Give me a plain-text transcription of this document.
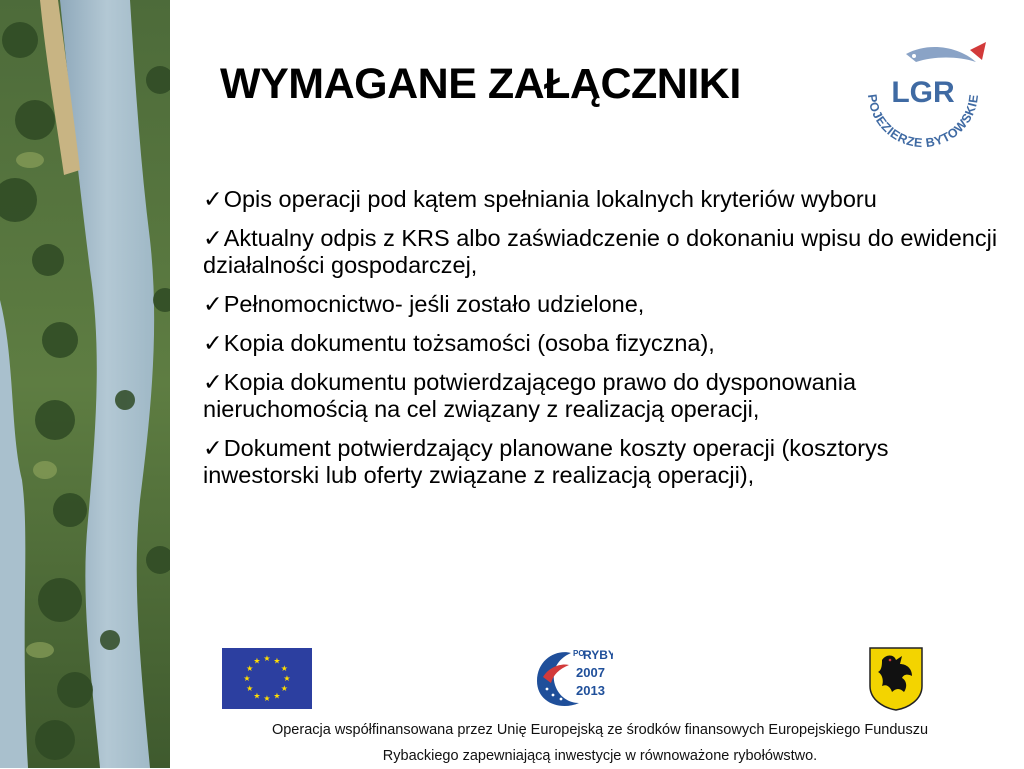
WYMAGANE ZAŁĄCZNIKI	LGR
POJEZIERZE BYTOWSKIE
✓Opis operacji pod kątem spełniania lokalnych kryteriów wyboru
✓Aktualny odpis z KRS albo zaświadczenie o dokonaniu wpisu do ewidencji działalności gospodarczej,
✓Pełnomocnictwo- jeśli zostało udzielone,
✓Kopia dokumentu tożsamości (osoba fizyczna),
✓Kopia dokumentu potwierdzającego prawo do dysponowania nieruchomością na cel związany z realizacją operacji,
✓Dokument potwierdzający planowane koszty operacji (kosztorys inwestorski lub oferty związane z realizacją operacji),
★ ★
★
★
★
★
★
★
★
★
★
★
PO
RYBY
2007
2013
Operacja współfinansowana przez Unię Europejską ze środków finansowych Europejskiego Funduszu
Rybackiego zapewniającą inwestycje w równoważone rybołówstwo.
